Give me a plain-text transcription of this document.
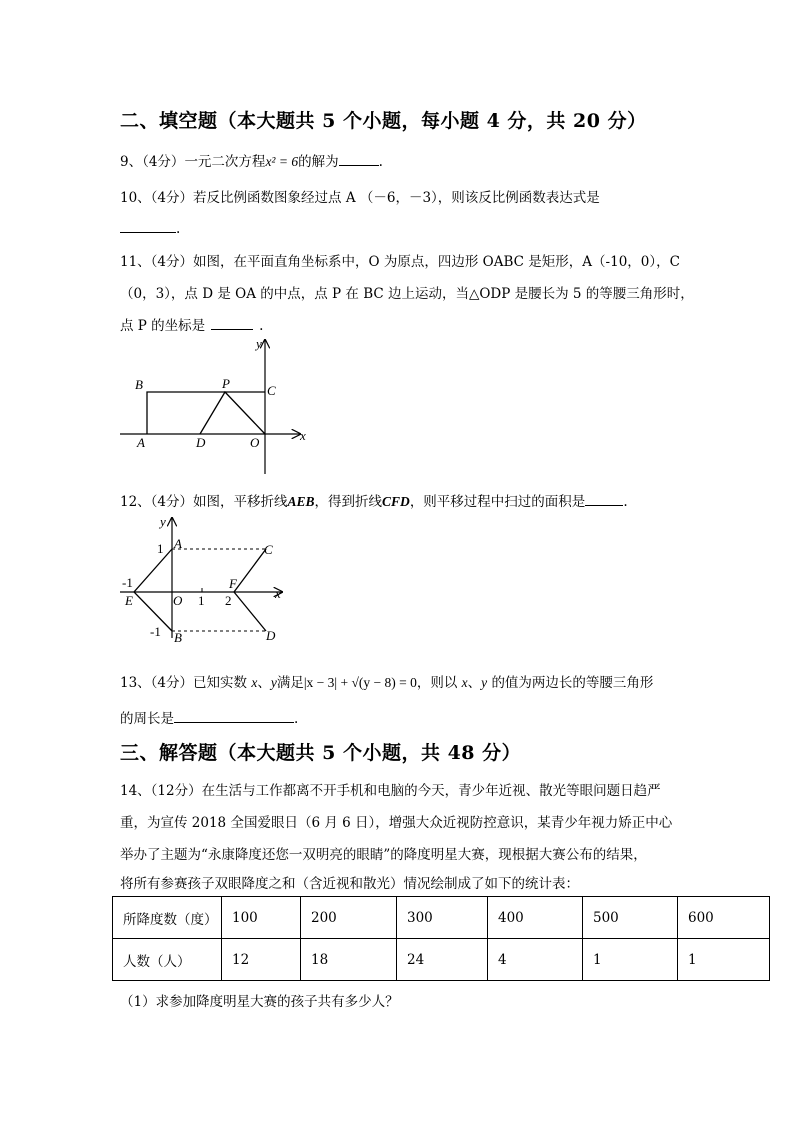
二、填空题（本大题共 5 个小题，每小题 4 分，共 20 分）
9、（4分）一元二次方程x² = 6的解为	.
10、（4分）若反比例函数图象经过点 A （－6，－3），则该反比例函数表达式是
.
11、（4分）如图，在平面直角坐标系中，O 为原点，四边形 OABC 是矩形，A（-10，0），C
（0，3），点 D 是 OA 的中点，点 P 在 BC 边上运动，当△ODP 是腰长为 5 的等腰三角形时，
点 P 的坐标是	.
y
x
B	P	C
A	D	O
12、（4分）如图，平移折线AEB，得到折线CFD，则平移过程中扫过的面积是	.
y
x
1 A	C
-1
E	O 1
F
2
-1 B	D
13、（4分）已知实数 x、y满足|x − 3| + √(y − 8) = 0，则以 x、y 的值为两边长的等腰三角形
的周长是	.
三、解答题（本大题共 5 个小题，共 48 分）
14、（12分）在生活与工作都离不开手机和电脑的今天，青少年近视、散光等眼问题日趋严
重，为宣传 2018 全国爱眼日（6 月 6 日），增强大众近视防控意识，某青少年视力矫正中心
举办了主题为“永康降度还您一双明亮的眼睛”的降度明星大赛，现根据大赛公布的结果，
将所有参赛孩子双眼降度之和（含近视和散光）情况绘制成了如下的统计表：
所降度数（度）	100	200	300	400	500	600
人数（人）	12	18	24	4	1	1
（1）求参加降度明星大赛的孩子共有多少人？
